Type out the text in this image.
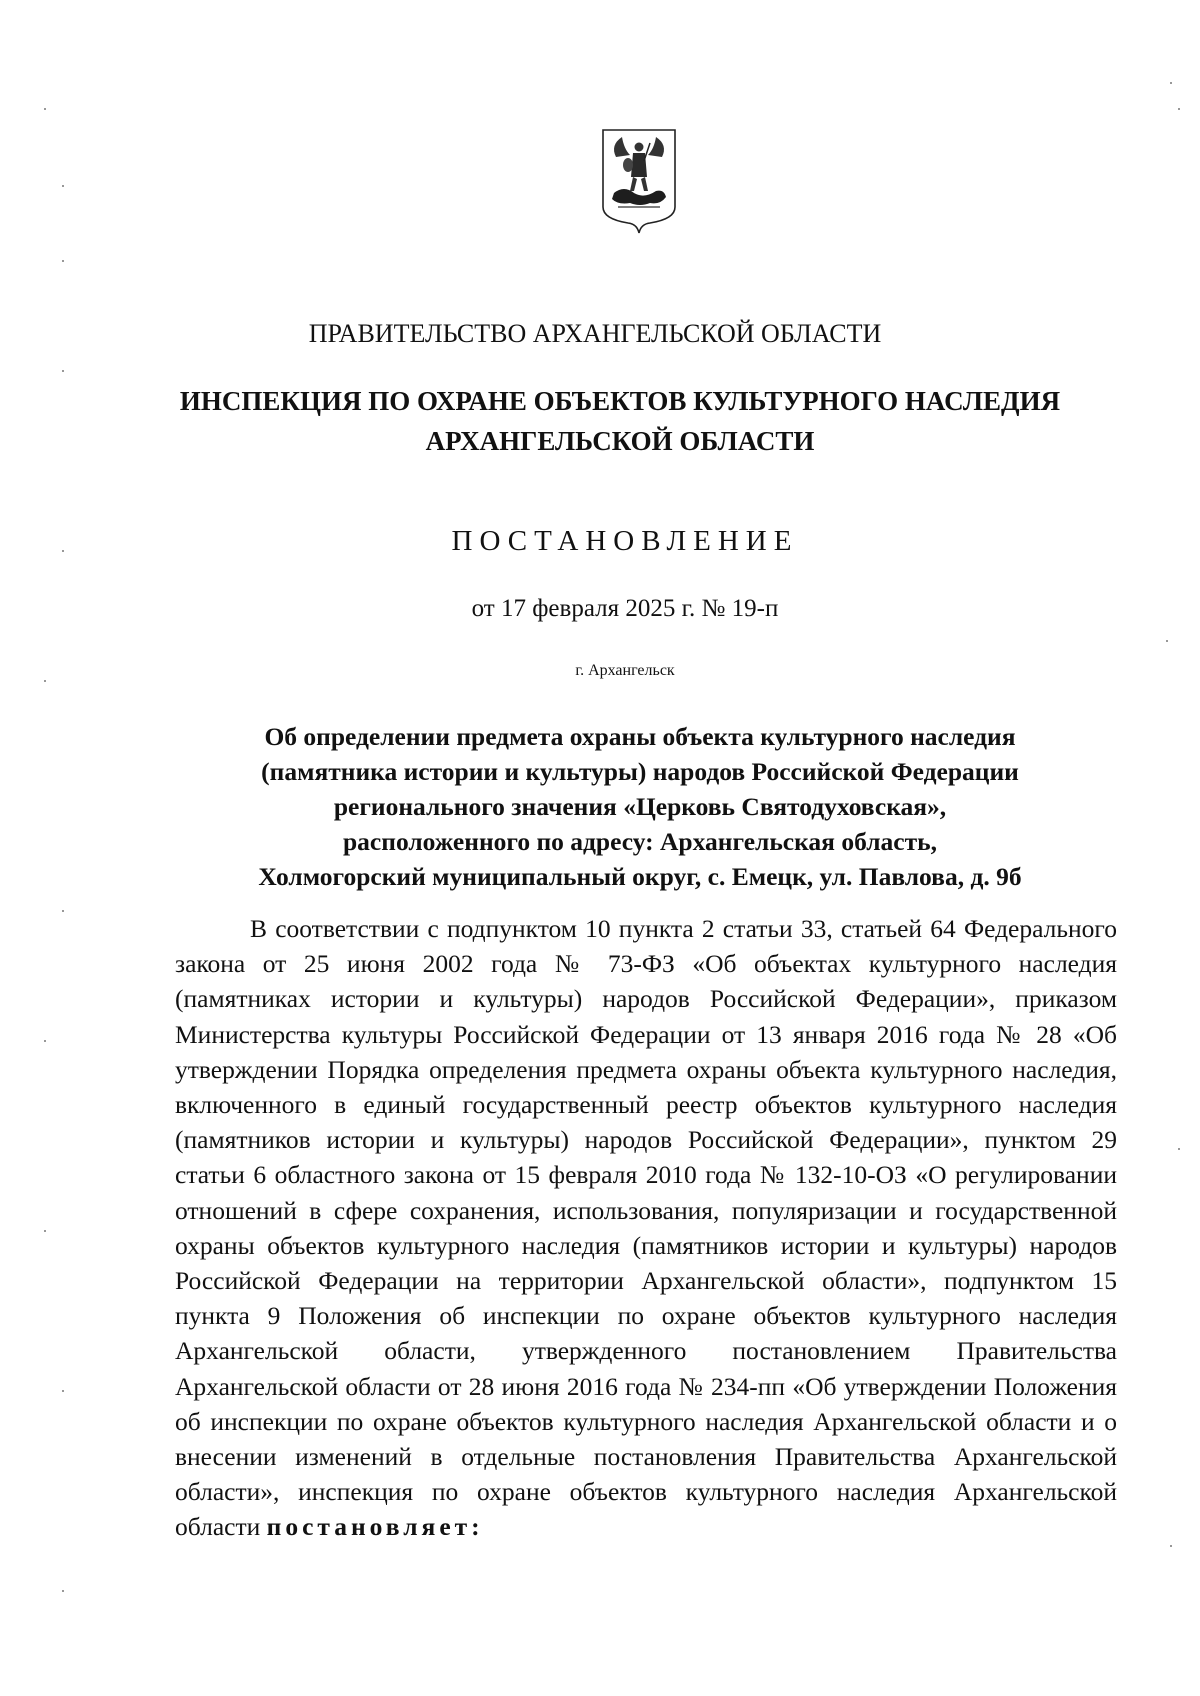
ПРАВИТЕЛЬСТВО АРХАНГЕЛЬСКОЙ ОБЛАСТИ
ИНСПЕКЦИЯ ПО ОХРАНЕ ОБЪЕКТОВ КУЛЬТУРНОГО НАСЛЕДИЯ
АРХАНГЕЛЬСКОЙ ОБЛАСТИ
ПОСТАНОВЛЕНИЕ
от 17 февраля 2025 г. № 19-п
г. Архангельск
Об определении предмета охраны объекта культурного наследия
(памятника истории и культуры) народов Российской Федерации
регионального значения «Церковь Святодуховская»,
расположенного по адресу: Архангельская область,
Холмогорский муниципальный округ, с. Емецк, ул. Павлова, д. 9б

В соответствии с подпунктом 10 пункта 2 статьи 33, статьей 64 Федерального закона от 25 июня 2002 года № 73-ФЗ «Об объектах культурного наследия (памятниках истории и культуры) народов Российской Федерации», приказом Министерства культуры Российской Федерации от 13 января 2016 года № 28 «Об утверждении Порядка определения предмета охраны объекта культурного наследия, включенного в единый государственный реестр объектов культурного наследия (памятников истории и культуры) народов Российской Федерации», пунктом 29 статьи 6 областного закона от 15 февраля 2010 года № 132-10-ОЗ «О регулировании отношений в сфере сохранения, использования, популяризации и государственной охраны объектов культурного наследия (памятников истории и культуры) народов Российской Федерации на территории Архангельской области», подпунктом 15 пункта 9 Положения об инспекции по охране объектов культурного наследия Архангельской области, утвержденного постановлением Правительства Архангельской области от 28 июня 2016 года № 234-пп «Об утверждении Положения об инспекции по охране объектов культурного наследия Архангельской области и о внесении изменений в отдельные постановления Правительства Архангельской области», инспекция по охране объектов культурного наследия Архангельской области постановляет:
